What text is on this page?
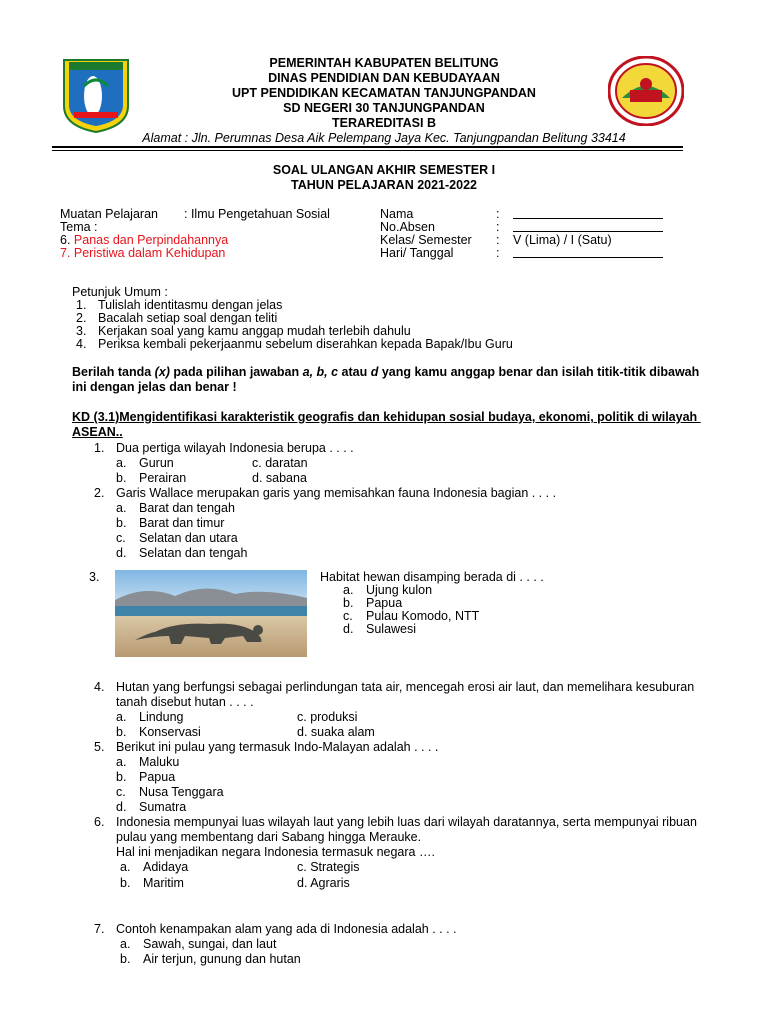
PEMERINTAH KABUPATEN BELITUNG
DINAS PENDIDIAN DAN KEBUDAYAAN
UPT PENDIDIKAN KECAMATAN TANJUNGPANDAN
SD NEGERI 30 TANJUNGPANDAN
TERAREDITASI B
Alamat : Jln. Perumnas Desa Aik Pelempang Jaya Kec. Tanjungpandan Belitung 33414
SOAL ULANGAN AKHIR SEMESTER I
TAHUN PELAJARAN 2021-2022
Muatan Pelajaran : Ilmu Pengetahuan Sosial
Tema :
6. Panas dan Perpindahannya
7. Peristiwa dalam Kehidupan
Nama	:
No.Absen	:
Kelas/ Semester : V (Lima) / I (Satu)
Hari/ Tanggal	:
Petunjuk Umum :
1. Tulislah identitasmu dengan jelas
2. Bacalah setiap soal dengan teliti
3. Kerjakan soal yang kamu anggap mudah terlebih dahulu
4. Periksa kembali pekerjaanmu sebelum diserahkan kepada Bapak/Ibu Guru
Berilah tanda (x) pada pilihan jawaban a, b, c atau d yang kamu anggap benar dan isilah titik-titik dibawah
ini dengan jelas dan benar !
KD (3.1)Mengidentifikasi karakteristik geografis dan kehidupan sosial budaya, ekonomi, politik di wilayah
ASEAN..
1. Dua pertiga wilayah Indonesia berupa . . . .
a. Gurun	c. daratan
b. Perairan	d. sabana
2. Garis Wallace merupakan garis yang memisahkan fauna Indonesia bagian . . . .
a. Barat dan tengah
b. Barat dan timur
c. Selatan dan utara
d. Selatan dan tengah
3.	Habitat hewan disamping berada di . . . .
a. Ujung kulon
b. Papua
c. Pulau Komodo, NTT
d. Sulawesi
4. Hutan yang berfungsi sebagai perlindungan tata air, mencegah erosi air laut, dan memelihara kesuburan
tanah disebut hutan . . . .
a. Lindung	c. produksi
b. Konservasi	d. suaka alam
5. Berikut ini pulau yang termasuk Indo-Malayan adalah . . . .
a. Maluku
b. Papua
c. Nusa Tenggara
d. Sumatra
6. Indonesia mempunyai luas wilayah laut yang lebih luas dari wilayah daratannya, serta mempunyai ribuan
pulau yang membentang dari Sabang hingga Merauke.
Hal ini menjadikan negara Indonesia termasuk negara ….
a. Adidaya	c. Strategis
b. Maritim	d. Agraris
7. Contoh kenampakan alam yang ada di Indonesia adalah . . . .
a. Sawah, sungai, dan laut
b. Air terjun, gunung dan hutan
